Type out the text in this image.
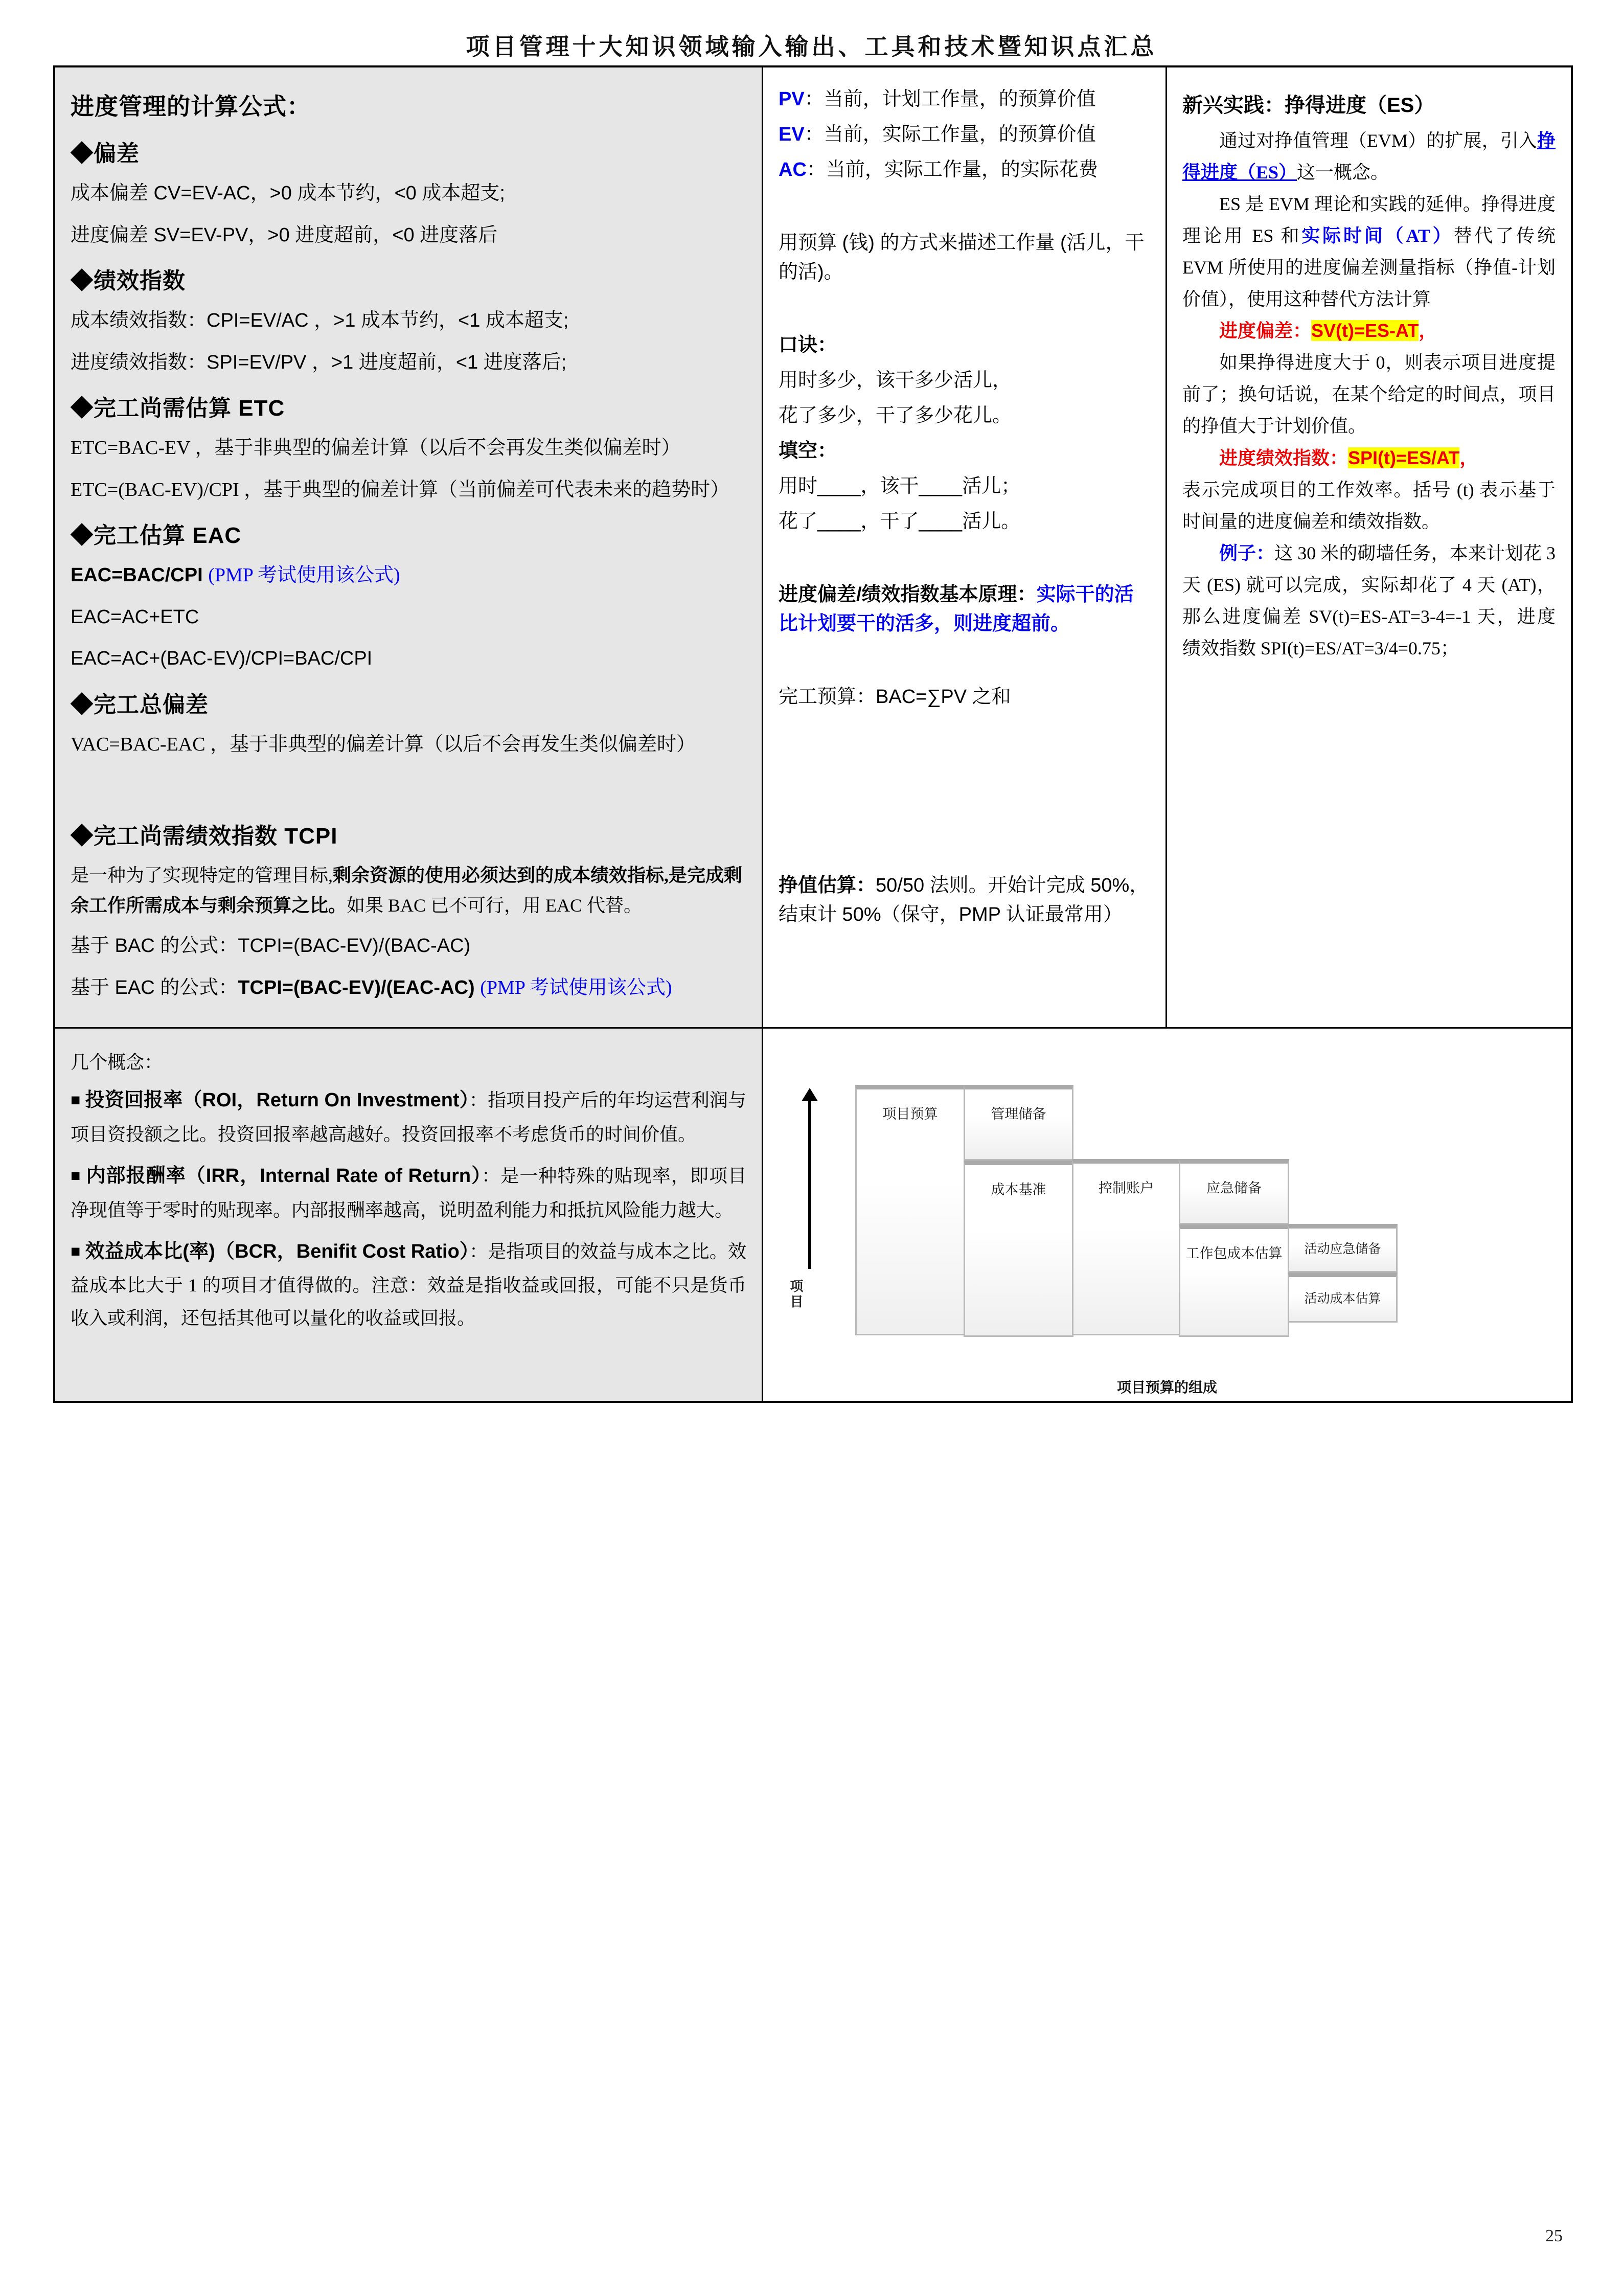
项目管理十大知识领域输入输出、工具和技术暨知识点汇总
进度管理的计算公式：
◆偏差
成本偏差 CV=EV-AC，>0 成本节约，<0 成本超支;
进度偏差 SV=EV-PV，>0 进度超前，<0 进度落后
◆绩效指数
成本绩效指数：CPI=EV/AC ，>1 成本节约，<1 成本超支;
进度绩效指数：SPI=EV/PV ，>1 进度超前，<1 进度落后;
◆完工尚需估算 ETC
ETC=BAC-EV ，基于非典型的偏差计算（以后不会再发生类似偏差时）
ETC=(BAC-EV)/CPI ，基于典型的偏差计算（当前偏差可代表未来的趋势时）
◆完工估算 EAC
EAC=BAC/CPI (PMP 考试使用该公式)
EAC=AC+ETC
EAC=AC+(BAC-EV)/CPI=BAC/CPI
◆完工总偏差
VAC=BAC-EAC ，基于非典型的偏差计算（以后不会再发生类似偏差时）
◆完工尚需绩效指数 TCPI
是一种为了实现特定的管理目标,剩余资源的使用必须达到的成本绩效指标,是完成剩余工作所需成本与剩余预算之比。如果 BAC 已不可行，用 EAC 代替。
基于 BAC 的公式：TCPI=(BAC-EV)/(BAC-AC)
基于 EAC 的公式：TCPI=(BAC-EV)/(EAC-AC) (PMP 考试使用该公式)
PV：当前，计划工作量，的预算价值
EV：当前，实际工作量，的预算价值
AC：当前，实际工作量，的实际花费
用预算 (钱) 的方式来描述工作量 (活儿，干的活)。
口诀：
用时多少，该干多少活儿，
花了多少，干了多少花儿。
填空：
用时____，该干____活儿；
花了____，干了____活儿。
进度偏差/绩效指数基本原理：实际干的活比计划要干的活多，则进度超前。
完工预算：BAC=∑PV 之和
挣值估算：50/50 法则。开始计完成 50%，结束计 50%（保守，PMP 认证最常用）
新兴实践：挣得进度（ES）

通过对挣值管理（EVM）的扩展，引入挣得进度（ES）这一概念。

ES 是 EVM 理论和实践的延伸。挣得进度理论用 ES 和实际时间（AT）替代了传统 EVM 所使用的进度偏差测量指标（挣值-计划价值），使用这种替代方法计算

进度偏差：SV(t)=ES-AT，

如果挣得进度大于 0，则表示项目进度提前了；换句话说，在某个给定的时间点，项目的挣值大于计划价值。

进度绩效指数：SPI(t)=ES/AT，

表示完成项目的工作效率。括号 (t) 表示基于时间量的进度偏差和绩效指数。

例子：这 30 米的砌墙任务，本来计划花 3 天 (ES) 就可以完成，实际却花了 4 天 (AT)，那么进度偏差 SV(t)=ES-AT=3-4=-1 天，进度绩效指数 SPI(t)=ES/AT=3/4=0.75；

几个概念：

■ 投资回报率（ROI，Return On Investment）：指项目投产后的年均运营利润与项目资投额之比。投资回报率越高越好。投资回报率不考虑货币的时间价值。

■ 内部报酬率（IRR，Internal Rate of Return）：是一种特殊的贴现率，即项目净现值等于零时的贴现率。内部报酬率越高，说明盈利能力和抵抗风险能力越大。

■ 效益成本比(率)（BCR，Benifit Cost Ratio）：是指项目的效益与成本之比。效益成本比大于 1 的项目才值得做的。注意：效益是指收益或回报，可能不只是货币收入或利润，还包括其他可以量化的收益或回报。

项目
项目预算	管理储备
成本基准	控制账户	应急储备
工作包成本估算	活动应急储备
活动成本估算
项目预算的组成
25
